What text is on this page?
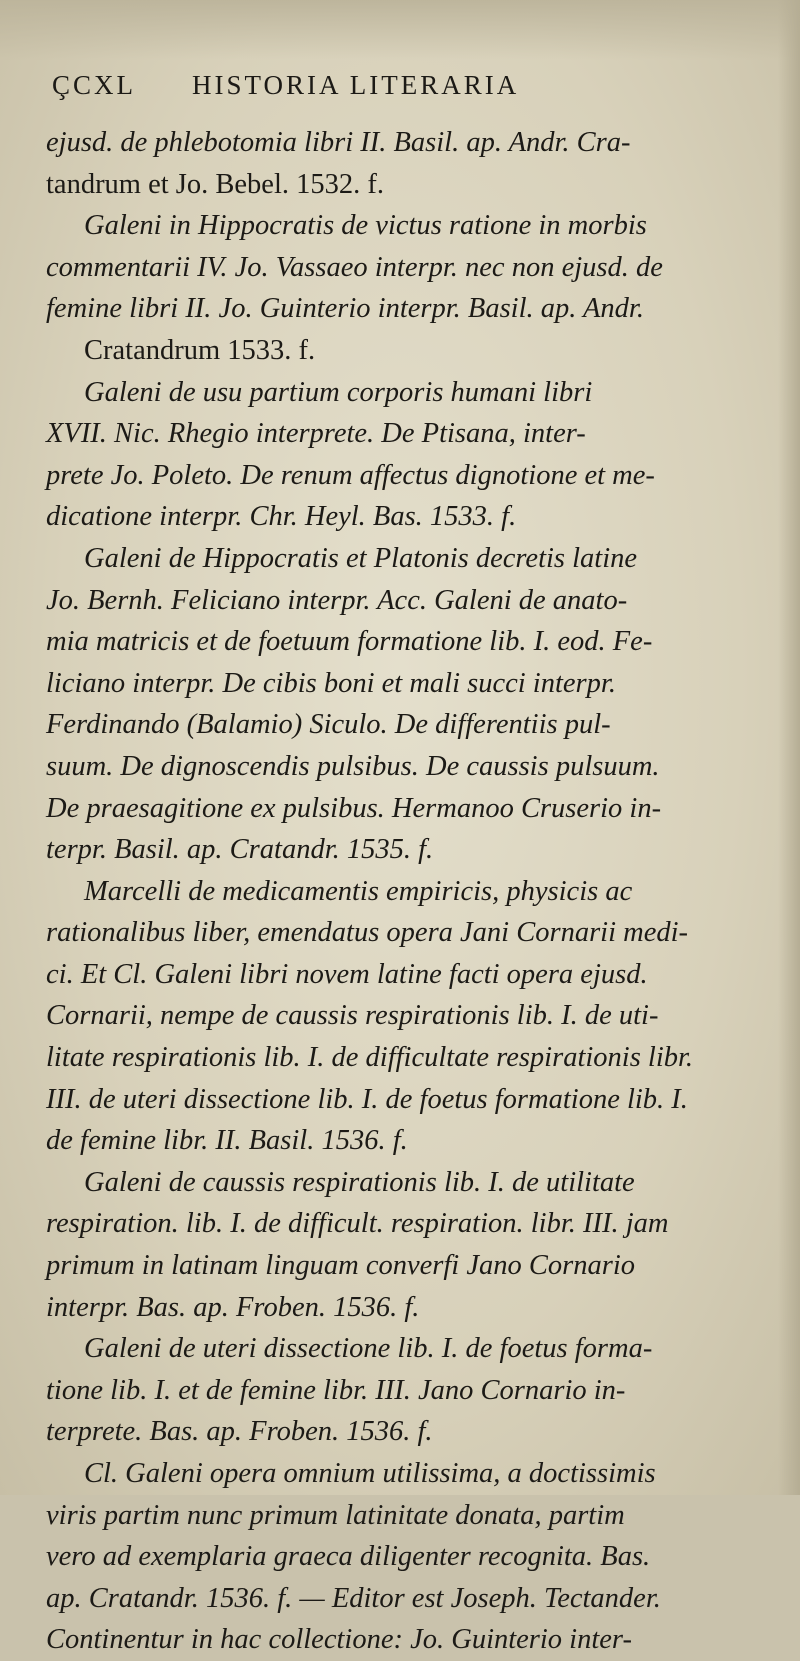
ÇCXL HISTORIA LITERARIA
ejusd. de phlebotomia libri II. Basil. ap. Andr. Cra-
tandrum et Jo. Bebel. 1532. f.
Galeni in Hippocratis de victus ratione in morbis
commentarii IV. Jo. Vassaeo interpr. nec non ejusd. de
femine libri II. Jo. Guinterio interpr. Basil. ap. Andr.
Cratandrum 1533. f.
Galeni de usu partium corporis humani libri
XVII. Nic. Rhegio interprete. De Ptisana, inter-
prete Jo. Poleto. De renum affectus dignotione et me-
dicatione interpr. Chr. Heyl. Bas. 1533. f.
Galeni de Hippocratis et Platonis decretis latine
Jo. Bernh. Feliciano interpr. Acc. Galeni de anato-
mia matricis et de foetuum formatione lib. I. eod. Fe-
liciano interpr. De cibis boni et mali succi interpr.
Ferdinando (Balamio) Siculo. De differentiis pul-
suum. De dignoscendis pulsibus. De caussis pulsuum.
De praesagitione ex pulsibus. Hermanoo Cruserio in-
terpr. Basil. ap. Cratandr. 1535. f.
Marcelli de medicamentis empiricis, physicis ac
rationalibus liber, emendatus opera Jani Cornarii medi-
ci. Et Cl. Galeni libri novem latine facti opera ejusd.
Cornarii, nempe de caussis respirationis lib. I. de uti-
litate respirationis lib. I. de difficultate respirationis libr.
III. de uteri dissectione lib. I. de foetus formatione lib. I.
de femine libr. II. Basil. 1536. f.
Galeni de caussis respirationis lib. I. de utilitate
respiration. lib. I. de difficult. respiration. libr. III. jam
primum in latinam linguam converfi Jano Cornario
interpr. Bas. ap. Froben. 1536. f.
Galeni de uteri dissectione lib. I. de foetus forma-
tione lib. I. et de femine libr. III. Jano Cornario in-
terprete. Bas. ap. Froben. 1536. f.
Cl. Galeni opera omnium utilissima, a doctissimis
viris partim nunc primum latinitate donata, partim
vero ad exemplaria graeca diligenter recognita. Bas.
ap. Cratandr. 1536. f. — Editor est Joseph. Tectander.
Continentur in hac collectione: Jo. Guinterio inter-
